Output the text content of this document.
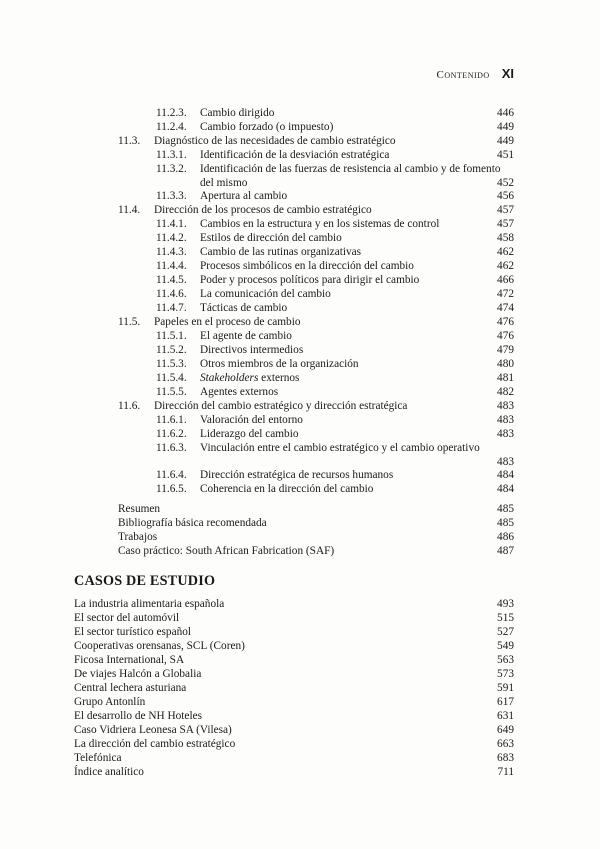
Contenido XI
11.2.3. Cambio dirigido	446
11.2.4. Cambio forzado (o impuesto)	449
11.3. Diagnóstico de las necesidades de cambio estratégico	449
11.3.1. Identificación de la desviación estratégica	451
11.3.2. Identificación de las fuerzas de resistencia al cambio y de fomento del mismo	452
11.3.3. Apertura al cambio	456
11.4. Dirección de los procesos de cambio estratégico	457
11.4.1. Cambios en la estructura y en los sistemas de control	457
11.4.2. Estilos de dirección del cambio	458
11.4.3. Cambio de las rutinas organizativas	462
11.4.4. Procesos simbólicos en la dirección del cambio	462
11.4.5. Poder y procesos políticos para dirigir el cambio	466
11.4.6. La comunicación del cambio	472
11.4.7. Tácticas de cambio	474
11.5. Papeles en el proceso de cambio	476
11.5.1. El agente de cambio	476
11.5.2. Directivos intermedios	479
11.5.3. Otros miembros de la organización	480
11.5.4. Stakeholders externos	481
11.5.5. Agentes externos	482
11.6. Dirección del cambio estratégico y dirección estratégica	483
11.6.1. Valoración del entorno	483
11.6.2. Liderazgo del cambio	483
11.6.3. Vinculación entre el cambio estratégico y el cambio operativo
483
11.6.4. Dirección estratégica de recursos humanos	484
11.6.5. Coherencia en la dirección del cambio	484
CASOS DE ESTUDIO
Resumen	485
Bibliografía básica recomendada	485
Trabajos	486
Caso práctico: South African Fabrication (SAF)	487
La industria alimentaria española	493
El sector del automóvil	515
El sector turístico español	527
Cooperativas orensanas, SCL (Coren)	549
Ficosa International, SA	563
De viajes Halcón a Globalia	573
Central lechera asturiana	591
Grupo Antonlín	617
El desarrollo de NH Hoteles	631
Caso Vidriera Leonesa SA (Vilesa)	649
La dirección del cambio estratégico	663
Telefónica	683
Índice analítico	711
